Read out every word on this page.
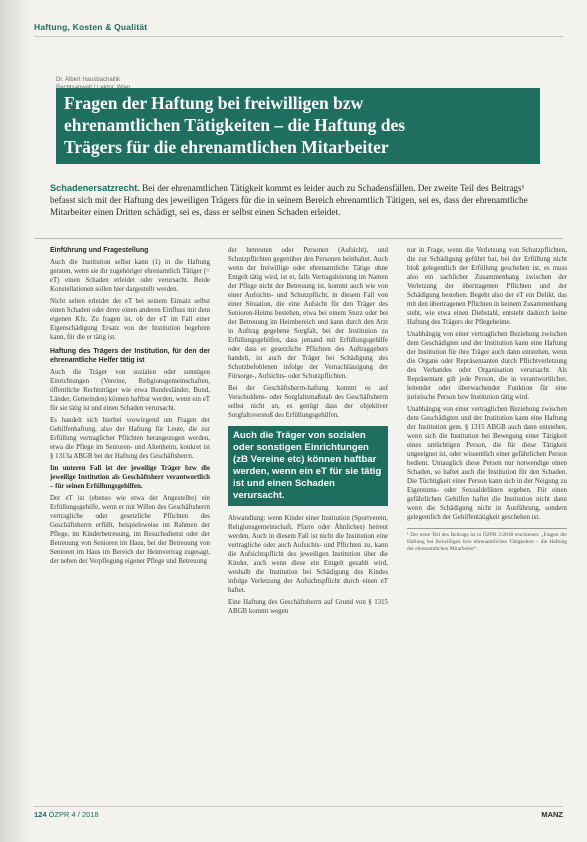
Haftung, Kosten & Qualität
Dr. Albert Hausbachaltik
Fragen der Haftung bei freiwilligen bzw
ehrenamtlichen Tätigkeiten – die Haftung des
Trägers für die ehrenamtlichen Mitarbeiter
Schadenersatzrecht. Bei der ehrenamtlichen Tätigkeit kommt es leider auch zu Schadensfällen. Der zweite Teil des Beitrags¹ befasst sich mit der Haftung des jeweiligen Trägers für die in seinem Bereich ehrenamtlich Tätigen, sei es, dass der ehrenamtliche Mitarbeiter einen Dritten schädigt, sei es, dass er selbst einen Schaden erleidet.

Einführung und Fragestellung

Auch die Institution selbst kann (1) in die Haftung geraten, wenn sie ihr zugehöriger ehrenamtlich Tätiger (= eT) einen Schaden erleidet oder verursacht. Beide Konstellationen sollen hier dargestellt werden.

Nicht selten erleidet der eT bei seinem Einsatz selbst einen Schaden oder derer einen anderen Einfluss mit dem eigenen Kfz. Zu fragen ist, ob der eT im Fall einer Eigenschädigung Ersatz von der Institution begehren kann, für die er tätig ist.

Haftung des Trägers der Institution, für den der ehrenamtliche Helfer tätig ist

Auch die Träger von sozialen oder sonstigen Einrichtungen (Vereine, Religionsgemeinschaften, öffentliche Rechtsträger wie etwa Bundesländer, Bund, Länder, Gemeinden) können haftbar werden, wenn ein eT für sie tätig ist und einen Schaden verursacht.

Es handelt sich hierbei vorwiegend um Fragen der Gehilfenhaftung, also der Haftung für Leute, die zur Erfüllung vertraglicher Pflichten herangezogen werden, etwa die Pflege im Senioren- und Altenheim, konkret ist § 1313a ABGB bei der Haftung des Geschäftsherrn.

Im unteren Fall ist der jeweilige Träger bzw die jeweilige Institution als Geschäftsherr verantwortlich – für seinen Erfüllungsgehilfen.

Der eT ist (ebenso wie etwa der Angestellte) ein Erfüllungsgehilfe, wenn er mit Willen des Geschäftsherrn vertragliche oder gesetzliche Pflichten des Geschäftsherrn erfüllt, beispielsweise im Rahmen der Pflege, im Kinderbetreuung, im Besuchsdienst oder der Betreuung von Senioren im Haus, bei der Betreuung von Senioren im Haus im Bereich der Heimvertrag zugesagt, der neben der Verpflegung eigener Pflege und Betreuung

der betreuten oder Personen (Aufsicht), und Schutzpflichten gegenüber den Personen beinhaltet. Auch wenn der freiwillige oder ehrenamtliche Tätige ohne Entgelt tätig wird, ist er, falls Vertragsleistung im Namen der Pflege nicht der Betreuung ist, kommt auch wie von einer Aufsichts- und Schutzpflicht, in diesem Fall von einer Situation, die eine Aufsicht für den Träger des Senioren-Heims bestehen, etwa bei einem Sturz oder bei der Betreuung im Heimbereich und kann durch den Arzt in Auftrag gegebene Sorgfalt, bei der Institution zu Erfüllungsgehilfen, dass jemand mit Erfüllungsgehilfe oder dass er gesetzliche Pflichten des Auftraggebers handelt, ist auch der Träger bei Schädigung des Schutzbefohlenen infolge der Vernachlässigung der Fürsorge-, Aufsichts- oder Schutzpflichten.

Bei der Geschäftsherrn-haftung kommt es auf Verschuldens- oder Sorgfaltsmaßstab des Geschäftsherrn selbst nicht an, es genügt dass der objektiver Sorgfaltsverstoß des Erfüllungsgehilfen.

Auch die Träger von sozialen oder sonstigen Einrichtungen (zB Vereine etc) können haftbar werden, wenn ein eT für sie tätig ist und einen Schaden verursacht.

Abwandlung: wenn Kinder einer Institution (Sportverein, Religionsgemeinschaft, Pfarre oder Ähnliches) betreut werden. Auch in diesem Fall ist nicht die Institution eine vertragliche oder auch Aufsichts- und Pflichten zu, kann die Aufsichtspflicht des jeweiligen Institution über die Kinder, auch wenn diese ein Entgelt gezahlt wird, weshalb die Institution bei Schädigung des Kindes infolge Verletzung der Aufsichtspflicht durch einen eT haftet.

Eine Haftung des Geschäftsherrn auf Grund von § 1315 ABGB kommt wegen

nur in Frage, wenn die Verletzung von Schutzpflichten, die zur Schädigung geführt hat, bei der Erfüllung nicht bloß gelegentlich der Erfüllung geschehen ist, es muss also ein sachlicher Zusammenhang zwischen der Verletzung der übertragenen Pflichten und der Schädigung bestehen. Begeht also der eT ein Delikt, das mit den übertragenen Pflichten in keinem Zusammenhang steht, wie etwa einen Diebstahl, entsteht dadurch keine Haftung des Trägers der Pflegeheime.

Unabhängig von einer vertraglichen Beziehung zwischen dem Geschädigten und der Institution kann eine Haftung der Institution für ihre Träger auch dann entstehen, wenn die Organe oder Repräsentanten durch Pflichtverletzung des Verbandes oder Organisation verursacht. Als Repräsentant gilt jede Person, die in verantwortlicher, leitender oder überwachender Funktion für eine juristische Person bzw Institution tätig wird.

Unabhängig von einer vertraglichen Beziehung zwischen dem Geschädigten und der Institution kann eine Haftung der Institution gem. § 1315 ABGB auch dann entstehen, wenn sich die Institution bei Bewegung einer Tätigkeit eines untüchtigen Person, die für diese Tätigkeit ungeeignet ist, oder wissentlich einer gefährlichen Person bedient. Untauglich diese Person nur notwendige einen Schaden, so haftet auch die Institution für den Schaden. Die Tüchtigkeit einer Person kann sich in der Neigung zu Eigentums- oder Sexualdelikten ergeben. Für einen gefährlichen Gehilfen haftet die Institution nicht dann wenn die Schädigung nicht in Ausführung, sondern gelegentlich der Gehilfentätigkeit geschehen ist.

¹ Der erste Teil des Beitrags ist in ÖZPR 2/2018 erschienen: „Fragen der Haftung bei freiwilligen bzw ehrenamtlichen Tätigkeiten – die Haftung der ehrenamtlichen Mitarbeiter“.
124 ÖZPR 4 / 2018	MANZ
